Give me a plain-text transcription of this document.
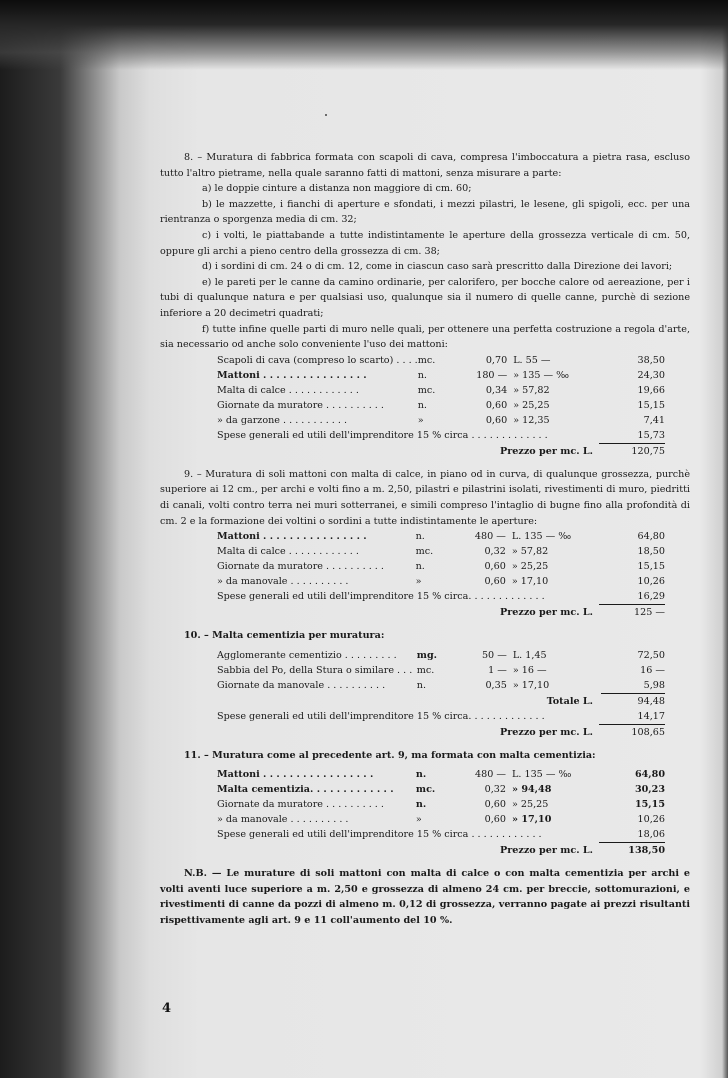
8. – Muratura di fabbrica formata con scapoli di cava, compresa l'imboccatura a pietra rasa, escluso tutto l'altro pietrame, nella quale saranno fatti di mattoni, senza misurare a parte:

a) le doppie cinture a distanza non maggiore di cm. 60;

b) le mazzette, i fianchi di aperture e sfondati, i mezzi pilastri, le lesene, gli spigoli, ecc. per una rientranza o sporgenza media di cm. 32;

c) i volti, le piattabande a tutte indistintamente le aperture della grossezza verticale di cm. 50, oppure gli archi a pieno centro della grossezza di cm. 38;

d) i sordini di cm. 24 o di cm. 12, come in ciascun caso sarà prescritto dalla Direzione dei lavori;

e) le pareti per le canne da camino ordinarie, per calorifero, per bocche calore od aereazione, per i tubi di qualunque natura e per qualsiasi uso, qualunque sia il numero di quelle canne, purchè di sezione inferiore a 20 decimetri quadrati;

f) tutte infine quelle parti di muro nelle quali, per ottenere una perfetta costruzione a regola d'arte, sia necessario od anche solo conveniente l'uso dei mattoni:

Scapoli di cava (compreso lo scarto) . . . .	mc.	0,70	L. 55 —	38,50
Mattoni . . . . . . . . . . . . . . . .	n.	180 —	» 135 — ‰	24,30
Malta di calce . . . . . . . . . . . .	mc.	0,34	» 57,82	19,66
Giornate da muratore . . . . . . . . . .	n.	0,60	» 25,25	15,15
» da garzone . . . . . . . . . . .	»	0,60	» 12,35	7,41
Spese generali ed utili dell'imprenditore 15 % circa . . . . . . . . . . . . .	15,73
Prezzo per mc. L.	120,75

9. – Muratura di soli mattoni con malta di calce, in piano od in curva, di qualunque grossezza, purchè superiore ai 12 cm., per archi e volti fino a m. 2,50, pilastri e pilastrini isolati, rivestimenti di muro, piedritti di canali, volti contro terra nei muri sotterranei, e simili compreso l'intaglio di bugne fino alla profondità di cm. 2 e la formazione dei voltini o sordini a tutte indistintamente le aperture:

Mattoni . . . . . . . . . . . . . . . .	n.	480 —	L. 135 — ‰	64,80
Malta di calce . . . . . . . . . . . .	mc.	0,32	» 57,82	18,50
Giornate da muratore . . . . . . . . . .	n.	0,60	» 25,25	15,15
» da manovale . . . . . . . . . .	»	0,60	» 17,10	10,26
Spese generali ed utili dell'imprenditore 15 % circa. . . . . . . . . . . . .	16,29
Prezzo per mc. L.	125 —

10. – Malta cementizia per muratura:

Agglomerante cementizio . . . . . . . . .	mg.	50 —	L. 1,45	72,50
Sabbia del Po, della Stura o similare . . .	mc.	1 —	» 16 —	16 —
Giornate da manovale . . . . . . . . . .	n.	0,35	» 17,10	5,98
Totale L.	94,48
Spese generali ed utili dell'imprenditore 15 % circa. . . . . . . . . . . . .	14,17
Prezzo per mc. L.	108,65

11. – Muratura come al precedente art. 9, ma formata con malta cementizia:

Mattoni . . . . . . . . . . . . . . . . .	n.	480 —	L. 135 — ‰	64,80
Malta cementizia. . . . . . . . . . . . .	mc.	0,32	» 94,48	30,23
Giornate da muratore . . . . . . . . . .	n.	0,60	» 25,25	15,15
» da manovale . . . . . . . . . .	»	0,60	» 17,10	10,26
Spese generali ed utili dell'imprenditore 15 % circa . . . . . . . . . . . .	18,06
Prezzo per mc. L.	138,50

N.B. — Le murature di soli mattoni con malta di calce o con malta cementizia per archi e volti aventi luce superiore a m. 2,50 e grossezza di almeno 24 cm. per breccie, sottomurazioni, e rivestimenti di canne da pozzi di almeno m. 0,12 di grossezza, verranno pagate ai prezzi risultanti rispettivamente agli art. 9 e 11 coll'aumento del 10 %.

4
